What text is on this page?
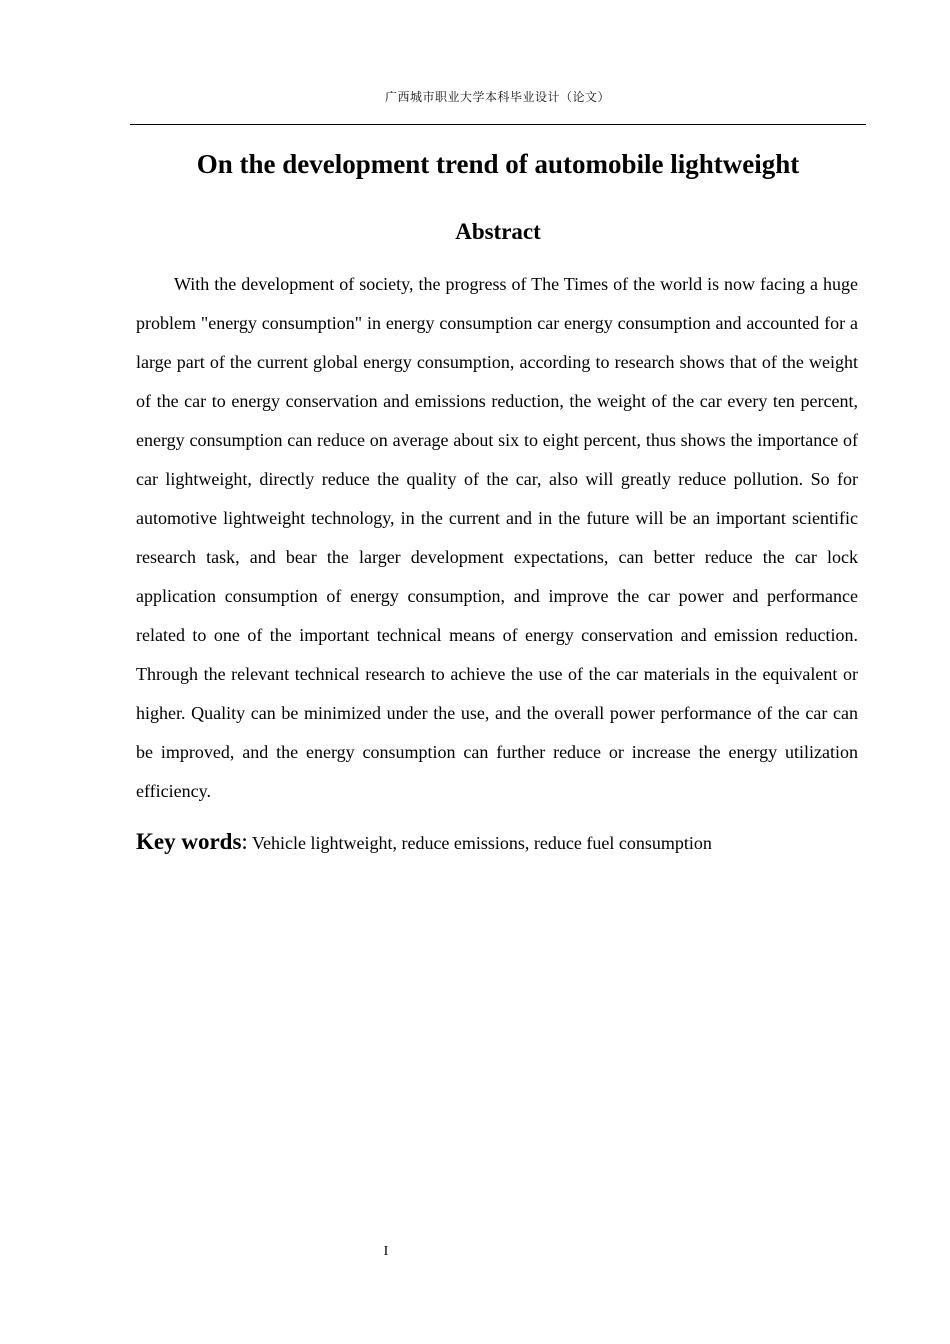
广西城市职业大学本科毕业设计（论文）
On the development trend of automobile lightweight
Abstract

With the development of society, the progress of The Times of the world is now facing a huge problem "energy consumption" in energy consumption car energy consumption and accounted for a large part of the current global energy consumption, according to research shows that of the weight of the car to energy conservation and emissions reduction, the weight of the car every ten percent, energy consumption can reduce on average about six to eight percent, thus shows the importance of car lightweight, directly reduce the quality of the car, also will greatly reduce pollution. So for automotive lightweight technology, in the current and in the future will be an important scientific research task, and bear the larger development expectations, can better reduce the car lock application consumption of energy consumption, and improve the car power and performance related to one of the important technical means of energy conservation and emission reduction. Through the relevant technical research to achieve the use of the car materials in the equivalent or higher. Quality can be minimized under the use, and the overall power performance of the car can be improved, and the energy consumption can further reduce or increase the energy utilization efficiency.

Key words: Vehicle lightweight, reduce emissions, reduce fuel consumption

I
